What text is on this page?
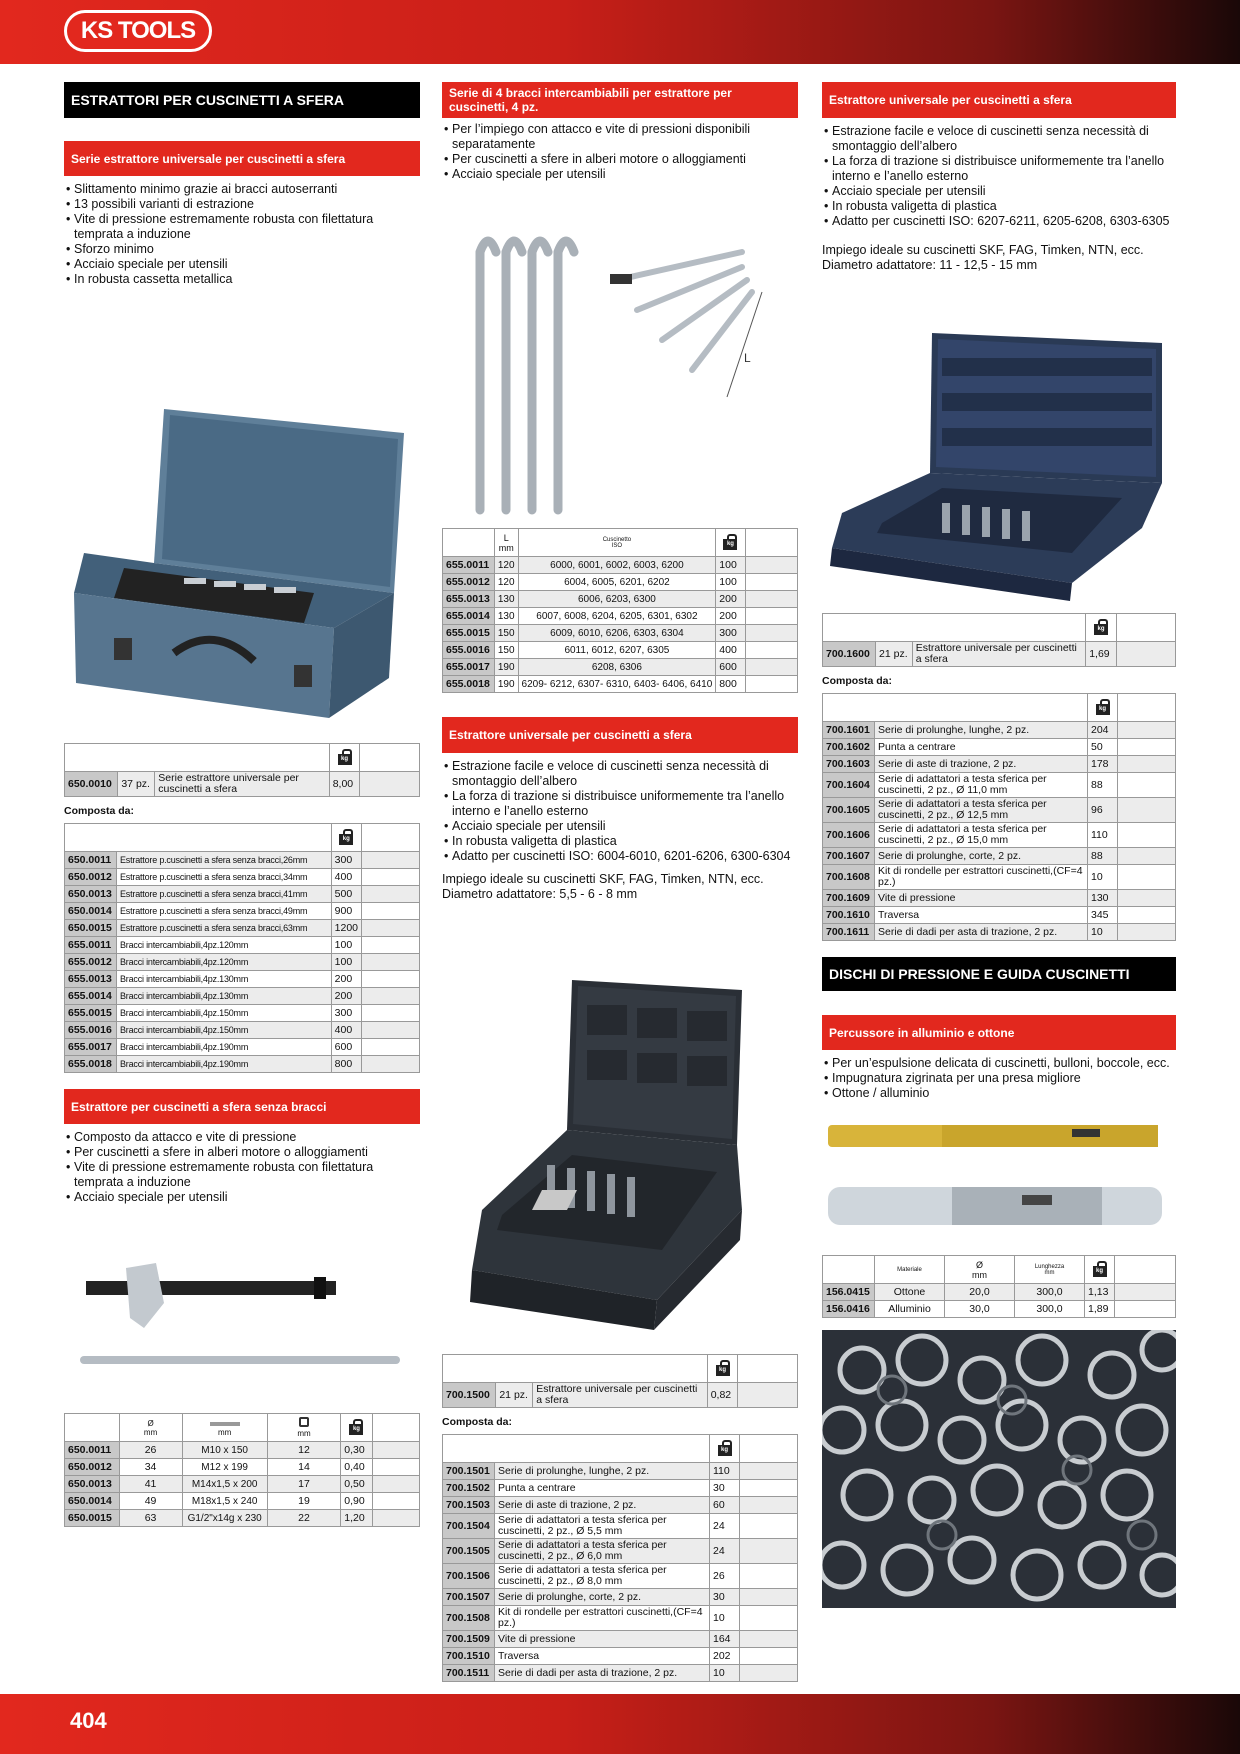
KS TOOLS
404
ESTRATTORI PER CUSCINETTI A SFERA
Serie estrattore universale per cuscinetti a sfera
• Slittamento minimo grazie ai bracci autoserranti
• 13 possibili varianti di estrazione
• Vite di pressione estremamente robusta con filettatura temprata a induzione
• Sforzo minimo
• Acciaio speciale per utensili
• In robusta cassetta metallica
			kg	
650.0010	37 pz.	Serie estrattore universale per cuscinetti a sfera	8,00	
Composta da:
	kg	
650.0011	Estrattore p.cuscinetti a sfera senza bracci,26mm	300	
650.0012	Estrattore p.cuscinetti a sfera senza bracci,34mm	400	
650.0013	Estrattore p.cuscinetti a sfera senza bracci,41mm	500	
650.0014	Estrattore p.cuscinetti a sfera senza bracci,49mm	900	
650.0015	Estrattore p.cuscinetti a sfera senza bracci,63mm	1200	
655.0011	Bracci intercambiabili,4pz.120mm	100	
655.0012	Bracci intercambiabili,4pz.120mm	100	
655.0013	Bracci intercambiabili,4pz.130mm	200	
655.0014	Bracci intercambiabili,4pz.130mm	200	
655.0015	Bracci intercambiabili,4pz.150mm	300	
655.0016	Bracci intercambiabili,4pz.150mm	400	
655.0017	Bracci intercambiabili,4pz.190mm	600	
655.0018	Bracci intercambiabili,4pz.190mm	800	
Estrattore per cuscinetti a sfera senza bracci
• Composto da attacco e vite di pressione
• Per cuscinetti a sfere in alberi motore o alloggiamenti
• Vite di pressione estremamente robusta con filettatura temprata a induzione
• Acciaio speciale per utensili
	Ø
mm	mm	mm	kg	
650.0011	26	M10 x 150	12	0,30	
650.0012	34	M12 x 199	14	0,40	
650.0013	41	M14x1,5 x 200	17	0,50	
650.0014	49	M18x1,5 x 240	19	0,90	
650.0015	63	G1/2"x14g x 230	22	1,20	
Serie di 4 bracci intercambiabili per estrattore per cuscinetti, 4 pz.
• Per l’impiego con attacco e vite di pressioni disponibili separatamente
• Per cuscinetti a sfere in alberi motore o alloggiamenti
• Acciaio speciale per utensili
L
	L
mm	Cuscinetto
ISO	kg	
655.0011	120	6000, 6001, 6002, 6003, 6200	100	
655.0012	120	6004, 6005, 6201, 6202	100	
655.0013	130	6006, 6203, 6300	200	
655.0014	130	6007, 6008, 6204, 6205, 6301, 6302	200	
655.0015	150	6009, 6010, 6206, 6303, 6304	300	
655.0016	150	6011, 6012, 6207, 6305	400	
655.0017	190	6208, 6306	600	
655.0018	190	6209- 6212, 6307- 6310, 6403- 6406, 6410	800	
Estrattore universale per cuscinetti a sfera
• Estrazione facile e veloce di cuscinetti senza necessità di smontaggio dell’albero
• La forza di trazione si distribuisce uniformemente tra l’anello interno e l’anello esterno
• Acciaio speciale per utensili
• In robusta valigetta di plastica
• Adatto per cuscinetti ISO: 6004-6010, 6201-6206, 6300-6304
Impiego ideale su cuscinetti SKF, FAG, Timken, NTN, ecc.
Diametro adattatore: 5,5 - 6 - 8 mm
			kg	
700.1500	21 pz.	Estrattore universale per cuscinetti a sfera	0,82	
Composta da:
	kg	
700.1501	Serie di prolunghe, lunghe, 2 pz.	110	
700.1502	Punta a centrare	30	
700.1503	Serie di aste di trazione, 2 pz.	60	
700.1504	Serie di adattatori a testa sferica per cuscinetti, 2 pz., Ø 5,5 mm	24	
700.1505	Serie di adattatori a testa sferica per cuscinetti, 2 pz., Ø 6,0 mm	24	
700.1506	Serie di adattatori a testa sferica per cuscinetti, 2 pz., Ø 8,0 mm	26	
700.1507	Serie di prolunghe, corte, 2 pz.	30	
700.1508	Kit di rondelle per estrattori cuscinetti,(CF=4 pz.)	10	
700.1509	Vite di pressione	164	
700.1510	Traversa	202	
700.1511	Serie di dadi per asta di trazione, 2 pz.	10	
Estrattore universale per cuscinetti a sfera
• Estrazione facile e veloce di cuscinetti senza necessità di smontaggio dell’albero
• La forza di trazione si distribuisce uniformemente tra l’anello interno e l’anello esterno
• Acciaio speciale per utensili
• In robusta valigetta di plastica
• Adatto per cuscinetti ISO: 6207-6211, 6205-6208, 6303-6305
Impiego ideale su cuscinetti SKF, FAG, Timken, NTN, ecc.
Diametro adattatore: 11 - 12,5 - 15 mm
			kg	
700.1600	21 pz.	Estrattore universale per cuscinetti a sfera	1,69	
Composta da:
	kg	
700.1601	Serie di prolunghe, lunghe, 2 pz.	204	
700.1602	Punta a centrare	50	
700.1603	Serie di aste di trazione, 2 pz.	178	
700.1604	Serie di adattatori a testa sferica per cuscinetti, 2 pz., Ø 11,0 mm	88	
700.1605	Serie di adattatori a testa sferica per cuscinetti, 2 pz., Ø 12,5 mm	96	
700.1606	Serie di adattatori a testa sferica per cuscinetti, 2 pz., Ø 15,0 mm	110	
700.1607	Serie di prolunghe, corte, 2 pz.	88	
700.1608	Kit di rondelle per estrattori cuscinetti,(CF=4 pz.)	10	
700.1609	Vite di pressione	130	
700.1610	Traversa	345	
700.1611	Serie di dadi per asta di trazione, 2 pz.	10	
DISCHI DI PRESSIONE E GUIDA CUSCINETTI
Percussore in alluminio e ottone
• Per un’espulsione delicata di cuscinetti, bulloni, boccole, ecc.
• Impugnatura zigrinata per una presa migliore
• Ottone / alluminio
	Materiale	Ø
mm	Lunghezza
mm	kg	
156.0415	Ottone	20,0	300,0	1,13	
156.0416	Alluminio	30,0	300,0	1,89	
